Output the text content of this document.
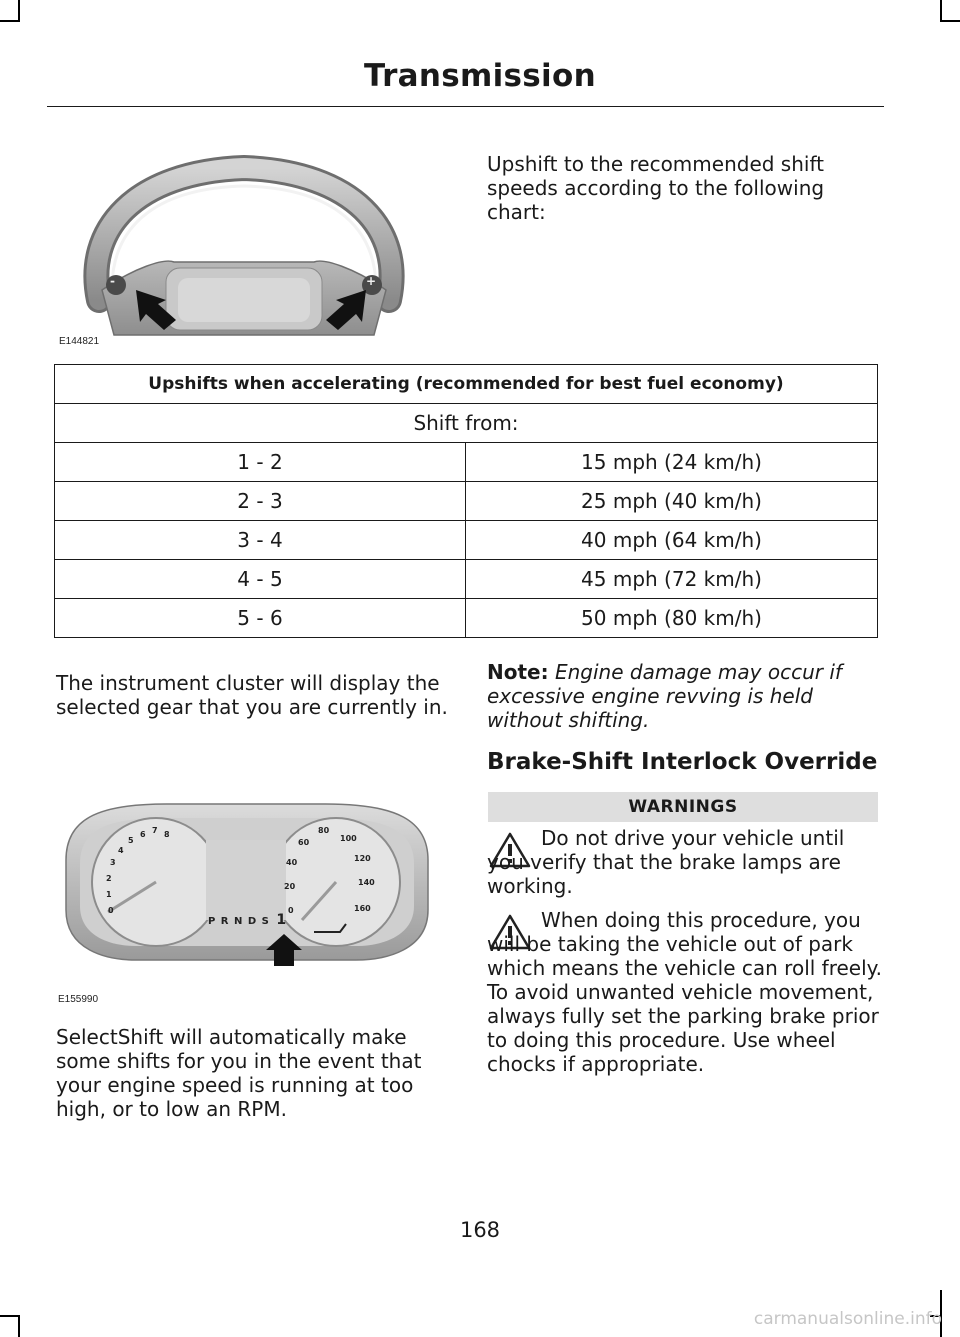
Transmission
-	+
E144821
Upshift to the recommended shift speeds according to the following chart:
Upshifts when accelerating (recommended for best fuel economy)	
Shift from:	
1 - 2	15 mph (24 km/h)
2 - 3	25 mph (40 km/h)
3 - 4	40 mph (64 km/h)
4 - 5	45 mph (72 km/h)
5 - 6	50 mph (80 km/h)
The instrument cluster will display the selected gear that you are currently in.
0
1
2
3
4
5
6 7 8
0
20
40
60
80
100
120
140
160
P R N D S 1
E155990
SelectShift will automatically make some shifts for you in the event that your engine speed is running at too high, or to low an RPM.
Note: Engine damage may occur if excessive engine revving is held without shifting.
Brake-Shift Interlock Override
WARNINGS
Do not drive your vehicle until you verify that the brake lamps are working.
When doing this procedure, you will be taking the vehicle out of park which means the vehicle can roll freely. To avoid unwanted vehicle movement, always fully set the parking brake prior to doing this procedure. Use wheel chocks if appropriate.
168
carmanualsonline.info
